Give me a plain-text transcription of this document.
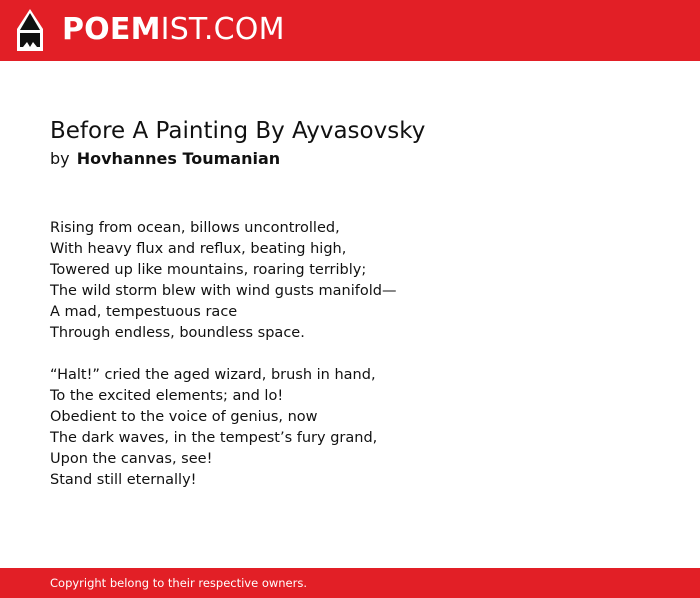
POEMIST.COM
Before A Painting By Ayvasovsky
by Hovhannes Toumanian
Rising from ocean, billows uncontrolled,
With heavy flux and reflux, beating high,
Towered up like mountains, roaring terribly;
The wild storm blew with wind gusts manifold—
A mad, tempestuous race
Through endless, boundless space.
“Halt!” cried the aged wizard, brush in hand,
To the excited elements; and lo!
Obedient to the voice of genius, now
The dark waves, in the tempest’s fury grand,
Upon the canvas, see!
Stand still eternally!
Copyright belong to their respective owners.
